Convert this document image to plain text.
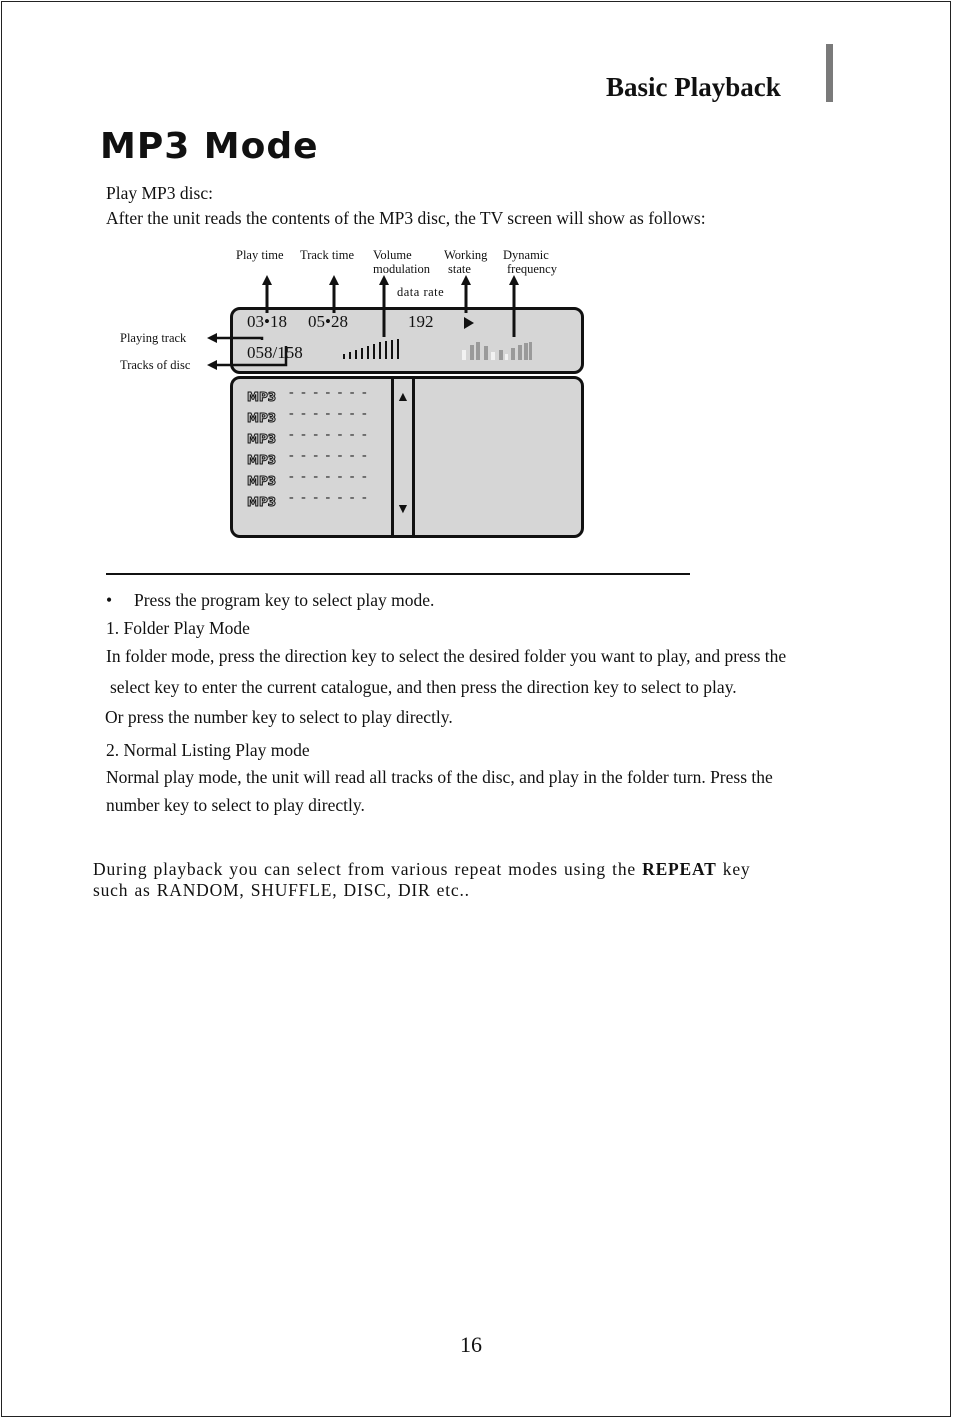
Basic Playback
MP3 Mode
Play MP3 disc:
After the unit reads the contents of the MP3 disc, the TV screen will show as follows:
Play time Track time Volume
modulation
Working
state
Dynamic
frequency
data rate
Playing track
Tracks of disc
03•18 05•28	192
058/158
▲
▼
MP3 - - - - - - -
MP3 - - - - - - -
MP3 - - - - - - -
MP3 - - - - - - -
MP3 - - - - - - -
MP3 - - - - - - -
• Press the program key to select play mode.
1. Folder Play Mode
In folder mode, press the direction key to select the desired folder you want to play, and press the
select key to enter the current catalogue, and then press the direction key to select to play.
Or press the number key to select to play directly.
2. Normal Listing Play mode
Normal play mode, the unit will read all tracks of the disc, and play in the folder turn. Press the
number key to select to play directly.
During playback you can select from various repeat modes using the REPEAT key
such as RANDOM, SHUFFLE, DISC, DIR etc..
16
